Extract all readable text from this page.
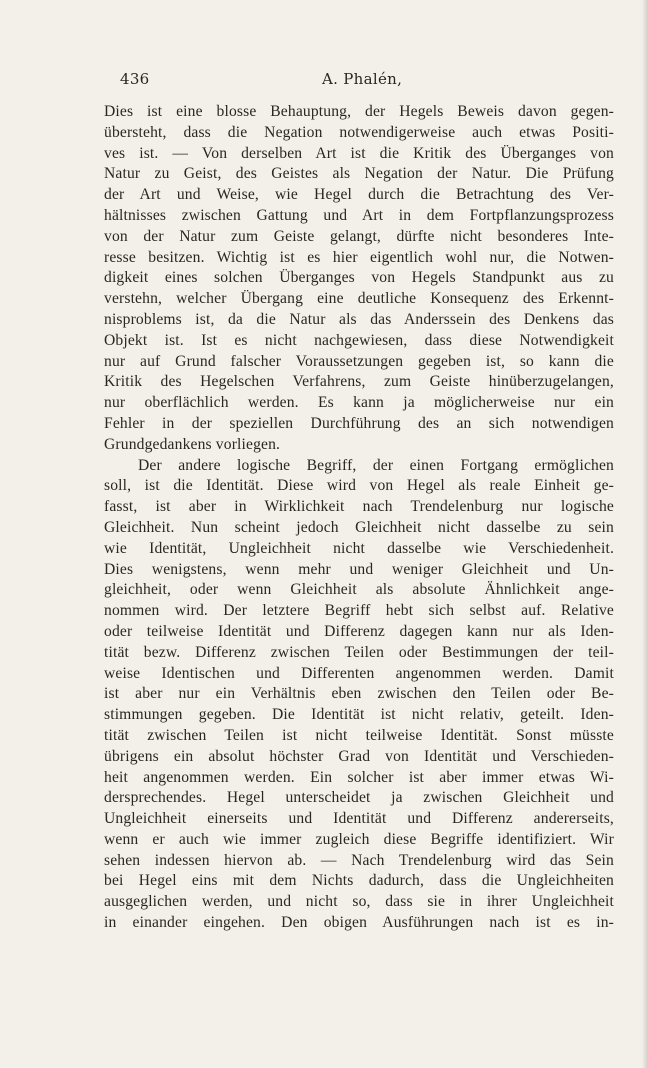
436	A. Phalén,
Dies ist eine blosse Behauptung, der Hegels Beweis davon gegen-
übersteht, dass die Negation notwendigerweise auch etwas Positi-
ves ist. — Von derselben Art ist die Kritik des Überganges von
Natur zu Geist, des Geistes als Negation der Natur. Die Prüfung
der Art und Weise, wie Hegel durch die Betrachtung des Ver-
hältnisses zwischen Gattung und Art in dem Fortpflanzungsprozess
von der Natur zum Geiste gelangt, dürfte nicht besonderes Inte-
resse besitzen. Wichtig ist es hier eigentlich wohl nur, die Notwen-
digkeit eines solchen Überganges von Hegels Standpunkt aus zu
verstehn, welcher Übergang eine deutliche Konsequenz des Erkennt-
nisproblems ist, da die Natur als das Anderssein des Denkens das
Objekt ist. Ist es nicht nachgewiesen, dass diese Notwendigkeit
nur auf Grund falscher Voraussetzungen gegeben ist, so kann die
Kritik des Hegelschen Verfahrens, zum Geiste hinüberzugelangen,
nur oberflächlich werden. Es kann ja möglicherweise nur ein
Fehler in der speziellen Durchführung des an sich notwendigen
Grundgedankens vorliegen.
Der andere logische Begriff, der einen Fortgang ermöglichen
soll, ist die Identität. Diese wird von Hegel als reale Einheit ge-
fasst, ist aber in Wirklichkeit nach Trendelenburg nur logische
Gleichheit. Nun scheint jedoch Gleichheit nicht dasselbe zu sein
wie Identität, Ungleichheit nicht dasselbe wie Verschiedenheit.
Dies wenigstens, wenn mehr und weniger Gleichheit und Un-
gleichheit, oder wenn Gleichheit als absolute Ähnlichkeit ange-
nommen wird. Der letztere Begriff hebt sich selbst auf. Relative
oder teilweise Identität und Differenz dagegen kann nur als Iden-
tität bezw. Differenz zwischen Teilen oder Bestimmungen der teil-
weise Identischen und Differenten angenommen werden. Damit
ist aber nur ein Verhältnis eben zwischen den Teilen oder Be-
stimmungen gegeben. Die Identität ist nicht relativ, geteilt. Iden-
tität zwischen Teilen ist nicht teilweise Identität. Sonst müsste
übrigens ein absolut höchster Grad von Identität und Verschieden-
heit angenommen werden. Ein solcher ist aber immer etwas Wi-
dersprechendes. Hegel unterscheidet ja zwischen Gleichheit und
Ungleichheit einerseits und Identität und Differenz andererseits,
wenn er auch wie immer zugleich diese Begriffe identifiziert. Wir
sehen indessen hiervon ab. — Nach Trendelenburg wird das Sein
bei Hegel eins mit dem Nichts dadurch, dass die Ungleichheiten
ausgeglichen werden, und nicht so, dass sie in ihrer Ungleichheit
in einander eingehen. Den obigen Ausführungen nach ist es in-
